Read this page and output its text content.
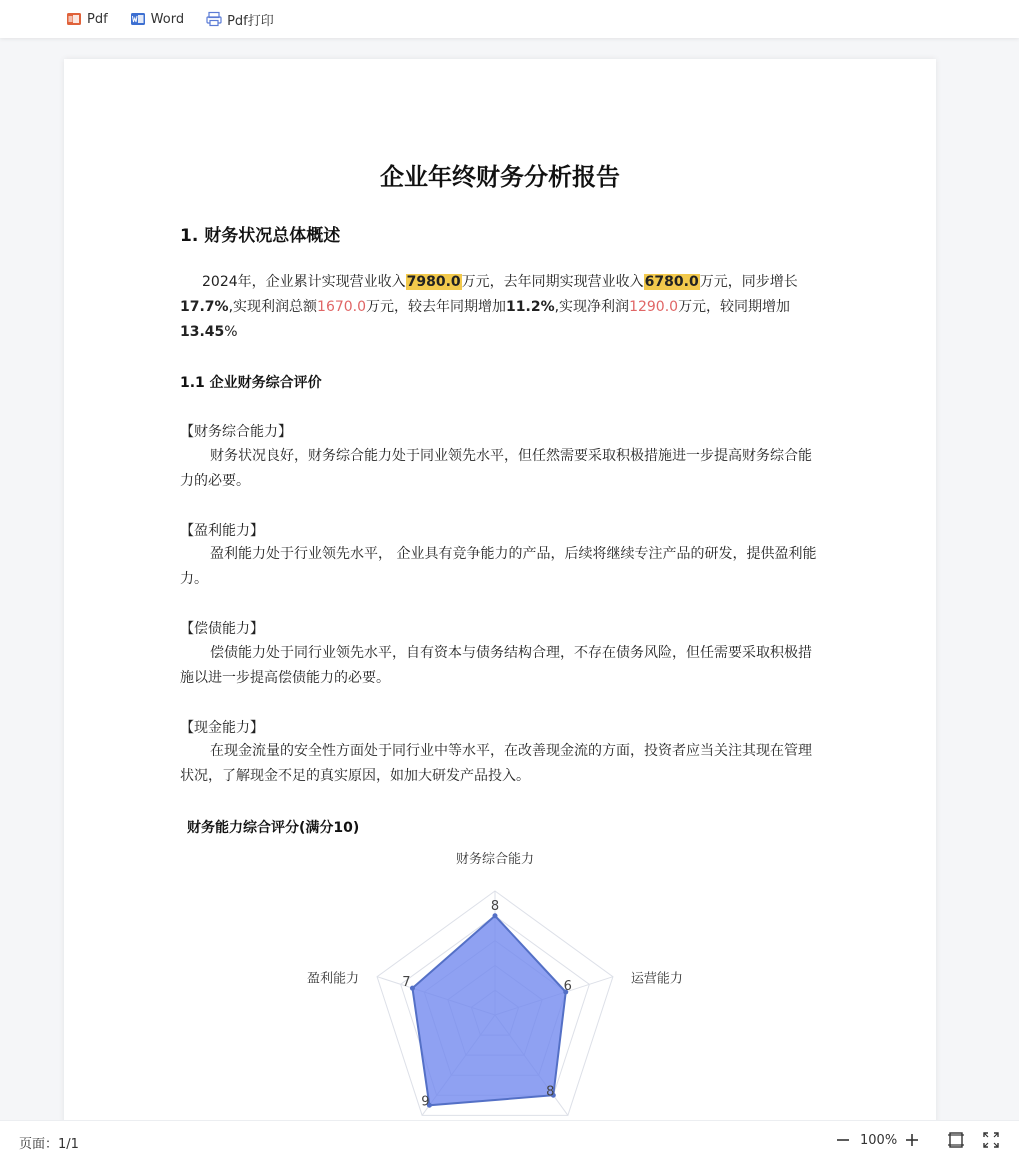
Pdf	Word	Pdf打印
企业年终财务分析报告
1. 财务状况总体概述
2024年，企业累计实现营业收入7980.0万元，去年同期实现营业收入6780.0万元，同步增长17.7%,实现利润总额1670.0万元，较去年同期增加11.2%,实现净利润1290.0万元，较同期增加13.45%
1.1 企业财务综合评价
【财务综合能力】
财务状况良好，财务综合能力处于同业领先水平，但任然需要采取积极措施进一步提高财务综合能力的必要。
【盈利能力】
盈利能力处于行业领先水平， 企业具有竞争能力的产品，后续将继续专注产品的研发，提供盈利能力。
【偿债能力】
偿债能力处于同行业领先水平，自有资本与债务结构合理，不存在债务风险，但任需要采取积极措施以进一步提高偿债能力的必要。
【现金能力】
在现金流量的安全性方面处于同行业中等水平，在改善现金流的方面，投资者应当关注其现在管理状况，了解现金不足的真实原因，如加大研发产品投入。
财务能力综合评分(满分10)
8
6
8
9
7
财务综合能力
运营能力
盈利能力
页面：1/1	100%
